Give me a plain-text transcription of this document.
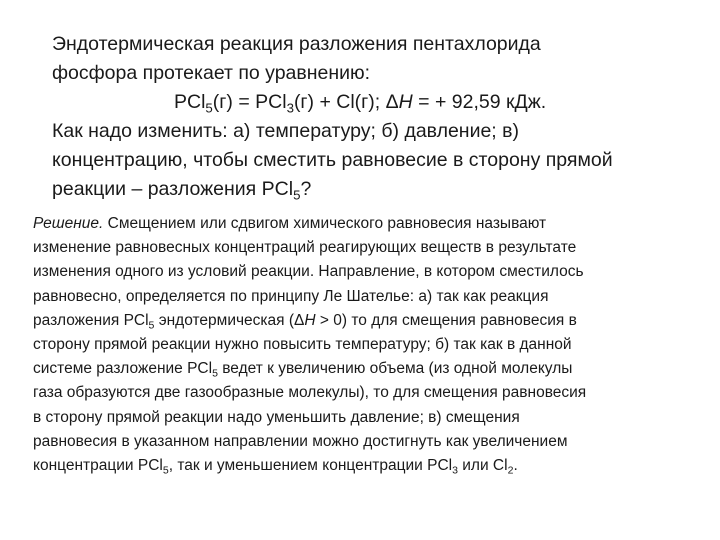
Эндотермическая реакция разложения пентахлорида
фосфора протекает по уравнению:
PCl$_5$(г) = PCl$_3$(г) + Cl(г); ΔH = + 92,59 кДж.
Как надо изменить: а) температуру; б) давление; в)
концентрацию, чтобы сместить равновесие в сторону прямой
реакции – разложения PCl$_5$?
Решение. Смещением или сдвигом химического равновесия называют
изменение равновесных концентраций реагирующих веществ в результате
изменения одного из условий реакции. Направление, в котором сместилось
равновесно, определяется по принципу Ле Шателье: а) так как реакция
разложения PCl$_5$ эндотермическая (ΔH > 0) то для смещения равновесия в
сторону прямой реакции нужно повысить температуру; б) так как в данной
системе разложение PCl$_5$ ведет к увеличению объема (из одной молекулы
газа образуются две газообразные молекулы), то для смещения равновесия
в сторону прямой реакции надо уменьшить давление; в) смещения
равновесия в указанном направлении можно достигнуть как увеличением
концентрации PCl$_5$, так и уменьшением концентрации PCl$_3$ или $Cl_2$.
